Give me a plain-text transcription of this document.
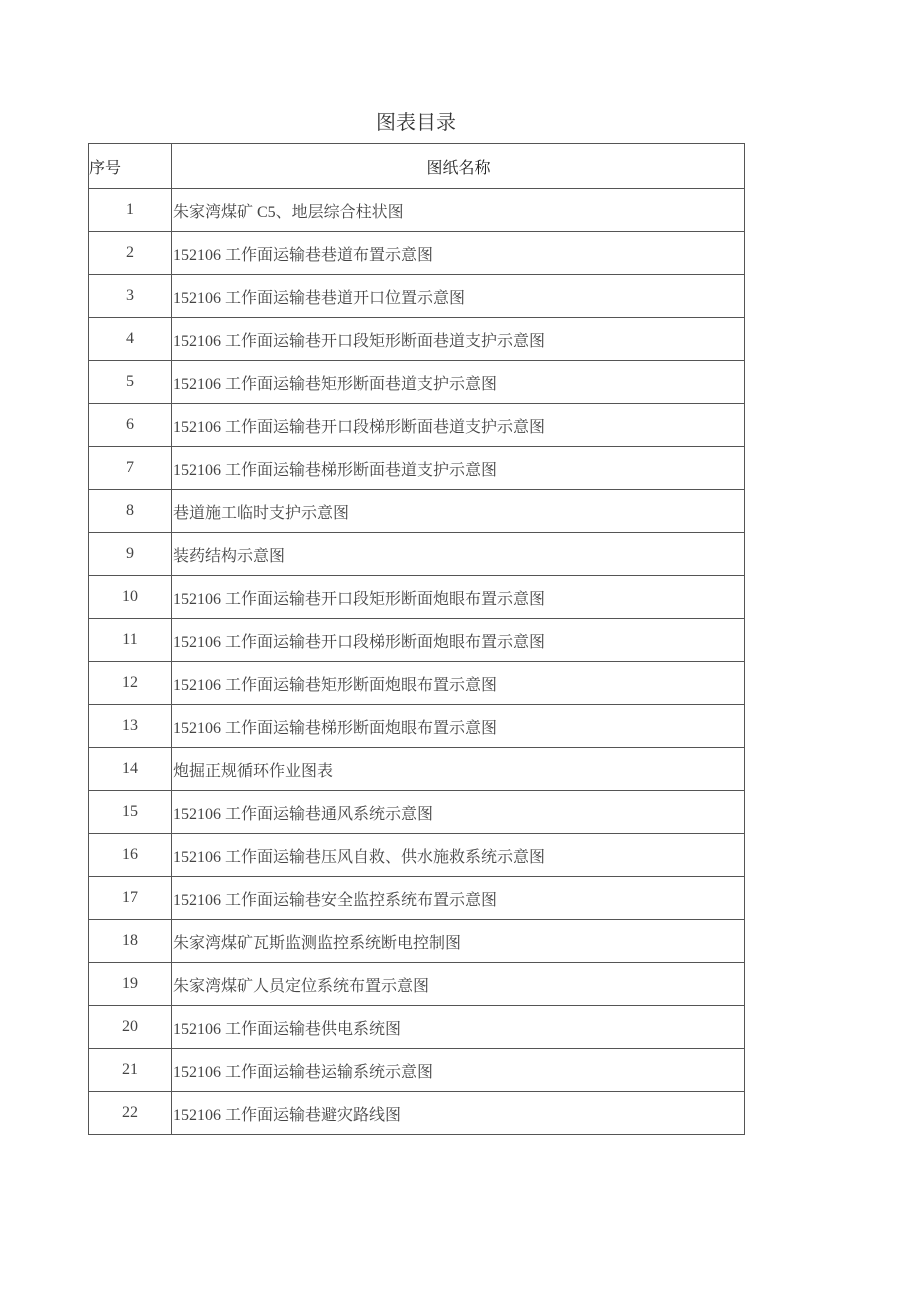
图表目录
序号	图纸名称
1	朱家湾煤矿 C5、地层综合柱状图
2	152106 工作面运输巷巷道布置示意图
3	152106 工作面运输巷巷道开口位置示意图
4	152106 工作面运输巷开口段矩形断面巷道支护示意图
5	152106 工作面运输巷矩形断面巷道支护示意图
6	152106 工作面运输巷开口段梯形断面巷道支护示意图
7	152106 工作面运输巷梯形断面巷道支护示意图
8	巷道施工临时支护示意图
9	装药结构示意图
10	152106 工作面运输巷开口段矩形断面炮眼布置示意图
11	152106 工作面运输巷开口段梯形断面炮眼布置示意图
12	152106 工作面运输巷矩形断面炮眼布置示意图
13	152106 工作面运输巷梯形断面炮眼布置示意图
14	炮掘正规循环作业图表
15	152106 工作面运输巷通风系统示意图
16	152106 工作面运输巷压风自救、供水施救系统示意图
17	152106 工作面运输巷安全监控系统布置示意图
18	朱家湾煤矿瓦斯监测监控系统断电控制图
19	朱家湾煤矿人员定位系统布置示意图
20	152106 工作面运输巷供电系统图
21	152106 工作面运输巷运输系统示意图
22	152106 工作面运输巷避灾路线图
